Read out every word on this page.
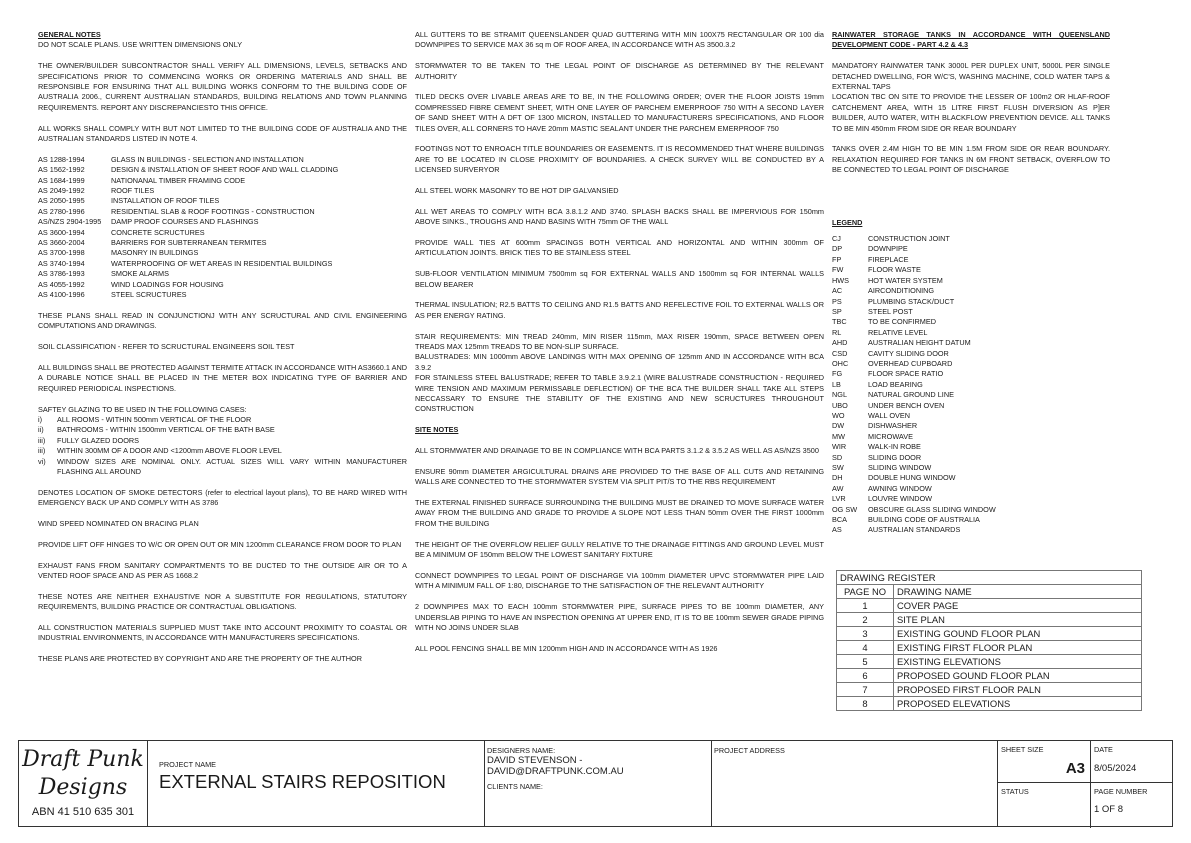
GENERAL NOTES

DO NOT SCALE PLANS. USE WRITTEN DIMENSIONS ONLY

THE OWNER/BUILDER SUBCONTRACTOR SHALL VERIFY ALL DIMENSIONS, LEVELS, SETBACKS AND SPECIFICATIONS PRIOR TO COMMENCING WORKS OR ORDERING MATERIALS AND SHALL BE RESPONSIBLE FOR ENSURING THAT ALL BUILDING WORKS CONFORM TO THE BUILDING CODE OF AUSTRALIA 2006., CURRENT AUSTRALIAN STANDARDS, BUILDING RELATIONS AND TOWN PLANNING REQUIREMENTS. REPORT ANY DISCREPANCIESTO THIS OFFICE.

ALL WORKS SHALL COMPLY WITH BUT NOT LIMITED TO THE BUILDING CODE OF AUSTRALIA AND THE AUSTRALIAN STANDARDS LISTED IN NOTE 4.

AS 1288-1994	GLASS IN BUILDINGS - SELECTION AND INSTALLATION
AS 1562-1992	DESIGN & INSTALLATION OF SHEET ROOF AND WALL CLADDING
AS 1684-1999	NATIONANAL TIMBER FRAMING CODE
AS 2049-1992	ROOF TILES
AS 2050-1995	INSTALLATION OF ROOF TILES
AS 2780-1996	RESIDENTIAL SLAB & ROOF FOOTINGS - CONSTRUCTION
AS/NZS 2904-1995	DAMP PROOF COURSES AND FLASHINGS
AS 3600-1994	CONCRETE SCRUCTURES
AS 3660-2004	BARRIERS FOR SUBTERRANEAN TERMITES
AS 3700-1998	MASONRY IN BUILDINGS
AS 3740-1994	WATERPROOFING OF WET AREAS IN RESIDENTIAL BUILDINGS
AS 3786-1993	SMOKE ALARMS
AS 4055-1992	WIND LOADINGS FOR HOUSING
AS 4100-1996	STEEL SCRUCTURES

THESE PLANS SHALL READ IN CONJUNCTIONJ WITH ANY SCRUCTURAL AND CIVIL ENGINEERING COMPUTATIONS AND DRAWINGS.

SOIL CLASSIFICATION - REFER TO SCRUCTURAL ENGINEERS SOIL TEST

ALL BUILDINGS SHALL BE PROTECTED AGAINST TERMITE ATTACK IN ACCORDANCE WITH AS3660.1 AND A DURABLE NOTICE SHALL BE PLACED IN THE METER BOX INDICATING TYPE OF BARRIER AND REQUIRED PERIODICAL INSPECTIONS.

SAFTEY GLAZING TO BE USED IN THE FOLLOWING CASES:
i)	ALL ROOMS - WITHIN 500mm VERTICAL OF THE FLOOR
ii)	BATHROOMS - WITHIN 1500mm VERTICAL OF THE BATH BASE
iii)	FULLY GLAZED DOORS
iii)	WITHIN 300MM OF A DOOR AND <1200mm ABOVE FLOOR LEVEL
vi)	WINDOW SIZES ARE NOMINAL ONLY. ACTUAL SIZES WILL VARY WITHIN MANUFACTURER FLASHING ALL AROUND

DENOTES LOCATION OF SMOKE DETECTORS (refer to electrical layout plans), TO BE HARD WIRED WITH EMERGENCY BACK UP AND COMPLY WITH AS 3786

WIND SPEED NOMINATED ON BRACING PLAN

PROVIDE LIFT OFF HINGES TO W/C OR OPEN OUT OR MIN 1200mm CLEARANCE FROM DOOR TO PLAN

EXHAUST FANS FROM SANITARY COMPARTMENTS TO BE DUCTED TO THE OUTSIDE AIR OR TO A VENTED ROOF SPACE AND AS PER AS 1668.2

THESE NOTES ARE NEITHER EXHAUSTIVE NOR A SUBSTITUTE FOR REGULATIONS, STATUTORY REQUIREMENTS, BUILDING PRACTICE OR CONTRACTUAL OBLIGATIONS.

ALL CONSTRUCTION MATERIALS SUPPLIED MUST TAKE INTO ACCOUNT PROXIMITY TO COASTAL OR INDUSTRIAL ENVIRONMENTS, IN ACCORDANCE WITH MANUFACTURERS SPECIFICATIONS.

THESE PLANS ARE PROTECTED BY COPYRIGHT AND ARE THE PROPERTY OF THE AUTHOR

ALL GUTTERS TO BE STRAMIT QUEENSLANDER QUAD GUTTERING WITH MIN 100X75 RECTANGULAR OR 100 dia DOWNPIPES TO SERVICE MAX 36 sq m OF ROOF AREA, IN ACCORDANCE WITH AS 3500.3.2

STORMWATER TO BE TAKEN TO THE LEGAL POINT OF DISCHARGE AS DETERMINED BY THE RELEVANT AUTHORITY

TILED DECKS OVER LIVABLE AREAS ARE TO BE, IN THE FOLLOWING ORDER; OVER THE FLOOR JOISTS 19mm COMPRESSED FIBRE CEMENT SHEET, WITH ONE LAYER OF PARCHEM EMERPROOF 750 WITH A SECOND LAYER OF SAND SHEET WITH A DFT OF 1300 MICRON, INSTALLED TO MANUFACTURERS SPECIFICATIONS, AND FLOOR TILES OVER, ALL CORNERS TO HAVE 20mm MASTIC SEALANT UNDER THE PARCHEM EMERPROOF 750

FOOTINGS NOT TO ENROACH TITLE BOUNDARIES OR EASEMENTS. IT IS RECOMMENDED THAT WHERE BUILDINGS ARE TO BE LOCATED IN CLOSE PROXIMITY OF BOUNDARIES. A CHECK SURVEY WILL BE CONDUCTED BY A LICENSED SURVERYOR

ALL STEEL WORK MASONRY TO BE HOT DIP GALVANSIED

ALL WET AREAS TO COMPLY WITH BCA 3.8.1.2 AND 3740. SPLASH BACKS SHALL BE IMPERVIOUS FOR 150mm ABOVE SINKS., TROUGHS AND HAND BASINS WITH 75mm OF THE WALL

PROVIDE WALL TIES AT 600mm SPACINGS BOTH VERTICAL AND HORIZONTAL AND WITHIN 300mm OF ARTICULATION JOINTS. BRICK TIES TO BE STAINLESS STEEL

SUB-FLOOR VENTILATION MINIMUM 7500mm sq FOR EXTERNAL WALLS AND 1500mm sq FOR INTERNAL WALLS BELOW BEARER

THERMAL INSULATION; R2.5 BATTS TO CEILING AND R1.5 BATTS AND REFELECTIVE FOIL TO EXTERNAL WALLS OR AS PER ENERGY RATING.

STAIR REQUIREMENTS: MIN TREAD 240mm, MIN RISER 115mm, MAX RISER 190mm, SPACE BETWEEN OPEN TREADS MAX 125mm TREADS TO BE NON-SLIP SURFACE.

BALUSTRADES: MIN 1000mm ABOVE LANDINGS WITH MAX OPENING OF 125mm AND IN ACCORDANCE WITH BCA 3.9.2

FOR STAINLESS STEEL BALUSTRADE; REFER TO TABLE 3.9.2.1 (WIRE BALUSTRADE CONSTRUCTION - REQUIRED WIRE TENSION AND MAXIMUM PERMISSABLE DEFLECTION) OF THE BCA THE BUILDER SHALL TAKE ALL STEPS NECCASSARY TO ENSURE THE STABILITY OF THE EXISTING AND NEW SCRUCTURES THROUGHOUT CONSTRUCTION

SITE NOTES

ALL STORMWATER AND DRAINAGE TO BE IN COMPLIANCE WITH BCA PARTS 3.1.2 & 3.5.2 AS WELL AS AS/NZS 3500

ENSURE 90mm DIAMETER ARGICULTURAL DRAINS ARE PROVIDED TO THE BASE OF ALL CUTS AND RETAINING WALLS ARE CONNECTED TO THE STORMWATER SYSTEM VIA SPLIT PIT/S TO THE RBS REQUIREMENT

THE EXTERNAL FINISHED SURFACE SURROUNDING THE BUILDING MUST BE DRAINED TO MOVE SURFACE WATER AWAY FROM THE BUILDING AND GRADE TO PROVIDE A SLOPE NOT LESS THAN 50mm OVER THE FIRST 1000mm FROM THE BUILDING

THE HEIGHT OF THE OVERFLOW RELIEF GULLY RELATIVE TO THE DRAINAGE FITTINGS AND GROUND LEVEL MUST BE A MINIMUM OF 150mm BELOW THE LOWEST SANITARY FIXTURE

CONNECT DOWNPIPES TO LEGAL POINT OF DISCHARGE VIA 100mm DIAMETER UPVC STORMWATER PIPE LAID WITH A MINIMUM FALL OF 1:80, DISCHARGE TO THE SATISFACTION OF THE RELEVANT AUTHORITY

2 DOWNPIPES MAX TO EACH 100mm STORMWATER PIPE, SURFACE PIPES TO BE 100mm DIAMETER, ANY UNDERSLAB PIPING TO HAVE AN INSPECTION OPENING AT UPPER END, IT IS TO BE 100mm SEWER GRADE PIPING WITH NO JOINS UNDER SLAB

ALL POOL FENCING SHALL BE MIN 1200mm HIGH AND IN ACCORDANCE WITH AS 1926

RAINWATER STORAGE TANKS IN ACCORDANCE WITH QUEENSLAND DEVELOPMENT CODE - PART 4.2 & 4.3

MANDATORY RAINWATER TANK 3000L PER DUPLEX UNIT, 5000L PER SINGLE DETACHED DWELLING, FOR W/C'S, WASHING MACHINE, COLD WATER TAPS & EXTERNAL TAPS

LOCATION TBC ON SITE TO PROVIDE THE LESSER OF 100m2 OR HLAF-ROOF CATCHEMENT AREA, WITH 15 LITRE FIRST FLUSH DIVERSION AS P]ER BUILDER, AUTO WATER, WITH BLACKFLOW PREVENTION DEVICE. ALL TANKS TO BE MIN 450mm FROM SIDE OR REAR BOUNDARY

TANKS OVER 2.4M HIGH TO BE MIN 1.5M FROM SIDE OR REAR BOUNDARY. RELAXATION REQUIRED FOR TANKS IN 6M FRONT SETBACK, OVERFLOW TO BE CONNECTED TO LEGAL POINT OF DISCHARGE

LEGEND

CJ	CONSTRUCTION JOINT
DP	DOWNPIPE
FP	FIREPLACE
FW	FLOOR WASTE
HWS	HOT WATER SYSTEM
AC	AIRCONDITIONING
PS	PLUMBING STACK/DUCT
SP	STEEL POST
TBC	TO BE CONFIRMED
RL	RELATIVE LEVEL
AHD	AUSTRALIAN HEIGHT DATUM
CSD	CAVITY SLIDING DOOR
OHC	OVERHEAD CUPBOARD
FG	FLOOR SPACE RATIO
LB	LOAD BEARING
NGL	NATURAL GROUND LINE
UBO	UNDER BENCH OVEN
WO	WALL OVEN
DW	DISHWASHER
MW	MICROWAVE
WIR	WALK-IN ROBE
SD	SLIDING DOOR
SW	SLIDING WINDOW
DH	DOUBLE HUNG WINDOW
AW	AWNING WINDOW
LVR	LOUVRE WINDOW
OG SW	OBSCURE GLASS SLIDING WINDOW
BCA	BUILDING CODE OF AUSTRALIA
AS	AUSTRALIAN STANDARDS
DRAWING REGISTER	
PAGE NO	DRAWING NAME
1	COVER PAGE
2	SITE PLAN
3	EXISTING GOUND FLOOR PLAN
4	EXISTING FIRST FLOOR PLAN
5	EXISTING ELEVATIONS
6	PROPOSED GOUND FLOOR PLAN
7	PROPOSED FIRST FLOOR PALN
8	PROPOSED ELEVATIONS
Draft Punk
Designs
ABN 41 510 635 301
PROJECT NAME
EXTERNAL STAIRS REPOSITION
DESIGNERS NAME:
DAVID STEVENSON -
DAVID@DRAFTPUNK.COM.AU
CLIENTS NAME:
PROJECT ADDRESS	SHEET SIZE
A3
STATUS
DATE
8/05/2024
PAGE NUMBER
1 OF 8
